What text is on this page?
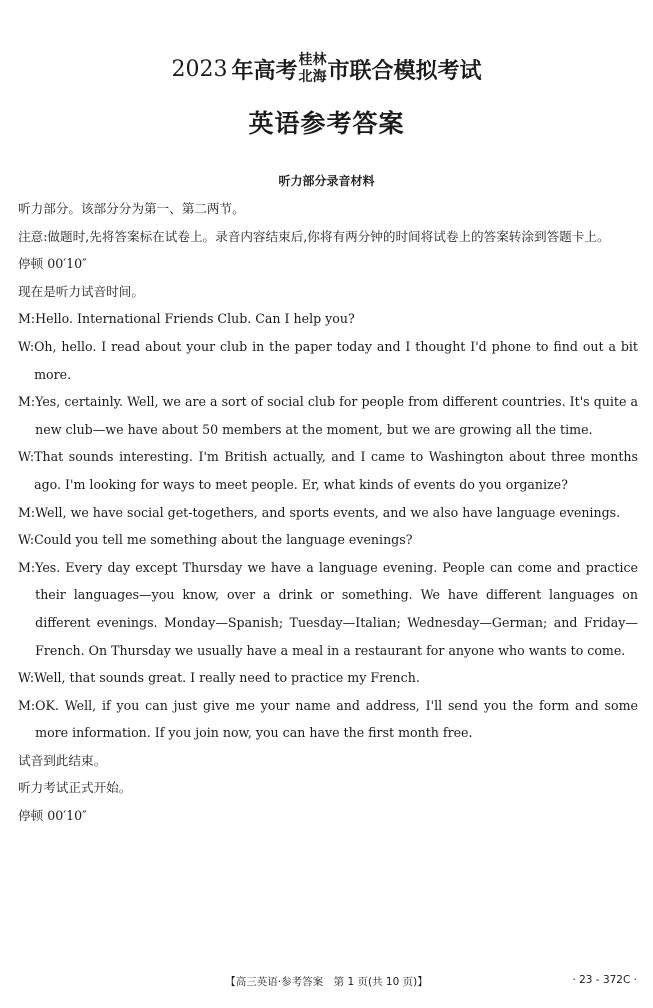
2023 年高考 桂林
北海 市联合模拟考试
英语参考答案
听力部分录音材料
听力部分。该部分分为第一、第二两节。
注意:做题时,先将答案标在试卷上。录音内容结束后,你将有两分钟的时间将试卷上的答案转涂到答题卡上。
停顿 00′10″
现在是听力试音时间。
M: Hello. International Friends Club. Can I help you?
W: Oh, hello. I read about your club in the paper today and I thought I'd phone to find out a bit more.
M: Yes, certainly. Well, we are a sort of social club for people from different countries. It's quite a new club—we have about 50 members at the moment, but we are growing all the time.
W: That sounds interesting. I'm British actually, and I came to Washington about three months ago. I'm looking for ways to meet people. Er, what kinds of events do you organize?
M: Well, we have social get-togethers, and sports events, and we also have language evenings.
W: Could you tell me something about the language evenings?
M: Yes. Every day except Thursday we have a language evening. People can come and practice their languages—you know, over a drink or something. We have different languages on different evenings. Monday—Spanish; Tuesday—Italian; Wednesday—German; and Friday—French. On Thursday we usually have a meal in a restaurant for anyone who wants to come.
W: Well, that sounds great. I really need to practice my French.
M: OK. Well, if you can just give me your name and address, I'll send you the form and some more information. If you join now, you can have the first month free.
试音到此结束。
听力考试正式开始。
停顿 00′10″
【高三英语·参考答案　第 1 页(共 10 页)】	· 23 - 372C ·
